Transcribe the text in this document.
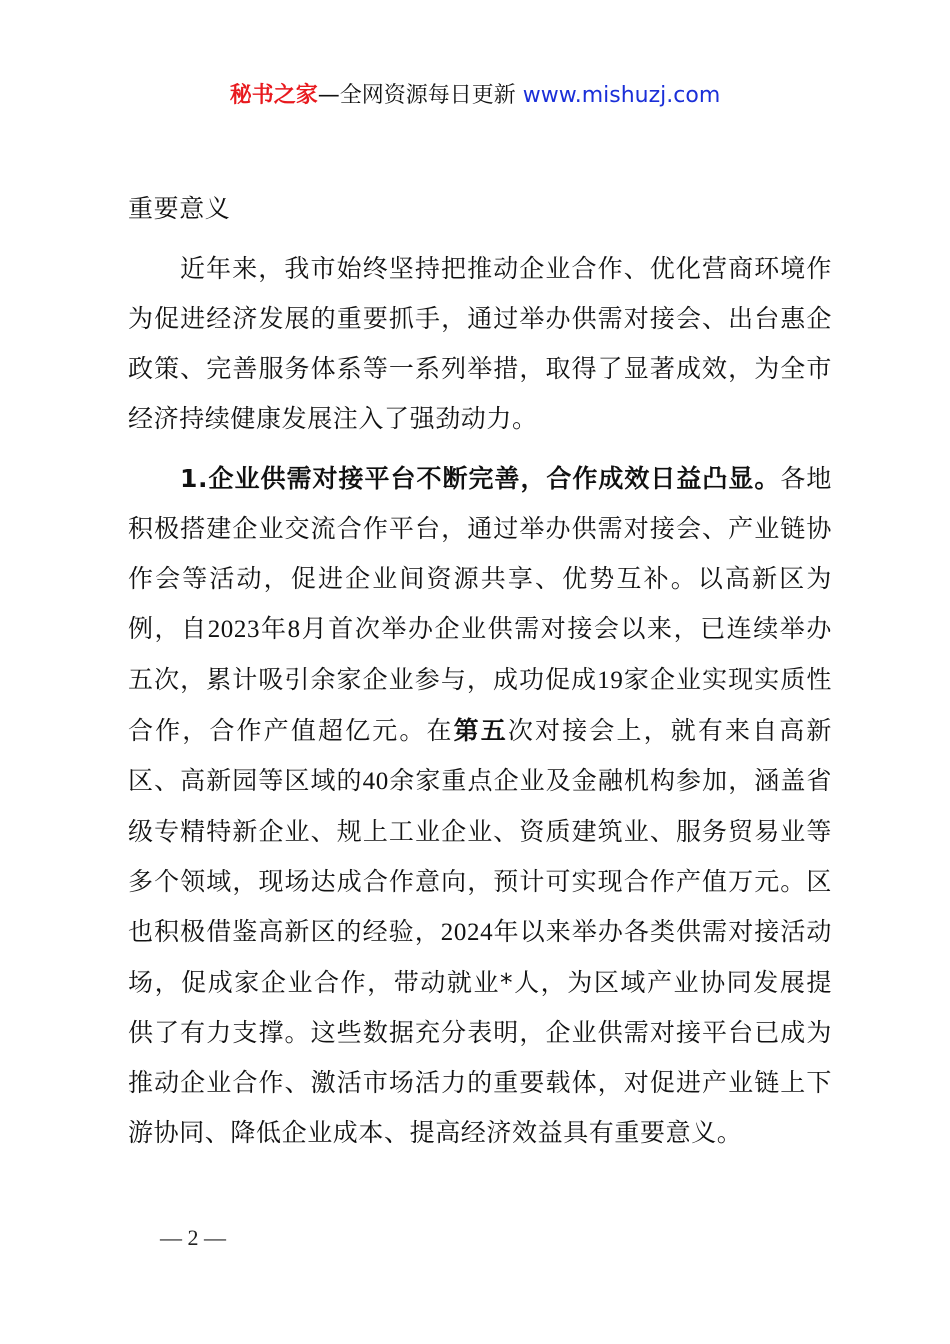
秘书之家—全网资源每日更新 www.mishuzj.com

重要意义

近年来，我市始终坚持把推动企业合作、优化营商环境作为促进经济发展的重要抓手，通过举办供需对接会、出台惠企政策、完善服务体系等一系列举措，取得了显著成效，为全市经济持续健康发展注入了强劲动力。

1.企业供需对接平台不断完善，合作成效日益凸显。各地积极搭建企业交流合作平台，通过举办供需对接会、产业链协作会等活动，促进企业间资源共享、优势互补。以高新区为例，自2023年8月首次举办企业供需对接会以来，已连续举办五次，累计吸引余家企业参与，成功促成19家企业实现实质性合作，合作产值超亿元。在第五次对接会上，就有来自高新区、高新园等区域的40余家重点企业及金融机构参加，涵盖省级专精特新企业、规上工业企业、资质建筑业、服务贸易业等多个领域，现场达成合作意向，预计可实现合作产值万元。区也积极借鉴高新区的经验，2024年以来举办各类供需对接活动场，促成家企业合作，带动就业*人，为区域产业协同发展提供了有力支撑。这些数据充分表明，企业供需对接平台已成为推动企业合作、激活市场活力的重要载体，对促进产业链上下游协同、降低企业成本、提高经济效益具有重要意义。

— 2 —
